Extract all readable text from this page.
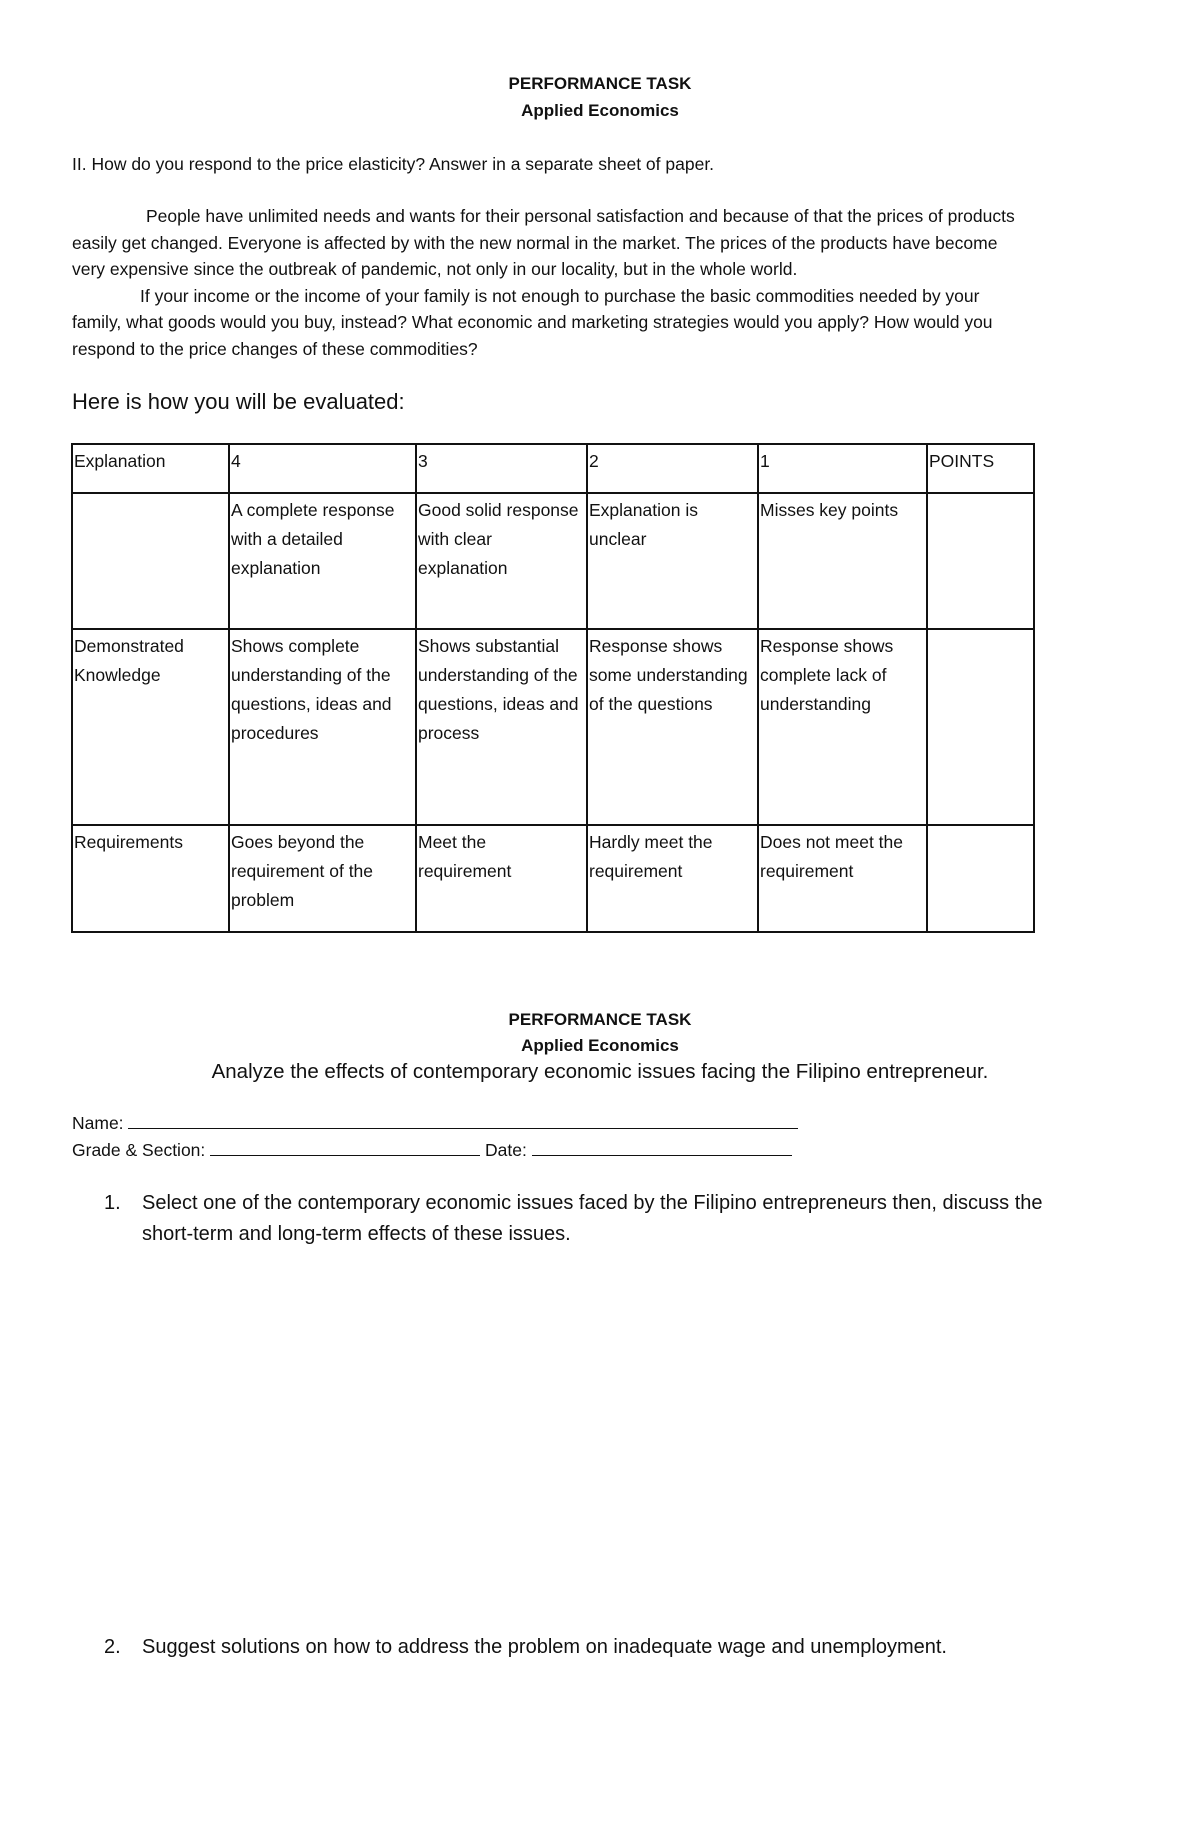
PERFORMANCE TASK
Applied Economics
II. How do you respond to the price elasticity? Answer in a separate sheet of paper.
People have unlimited needs and wants for their personal satisfaction and because of that the prices of products
easily get changed. Everyone is affected by with the new normal in the market. The prices of the products have become
very expensive since the outbreak of pandemic, not only in our locality, but in the whole world.
If your income or the income of your family is not enough to purchase the basic commodities needed by your
family, what goods would you buy, instead? What economic and marketing strategies would you apply? How would you
respond to the price changes of these commodities?
Here is how you will be evaluated:
Explanation	4	3	2	1	POINTS
	A complete response with a detailed explanation	Good solid response with clear explanation	Explanation is unclear	Misses key points	
Demonstrated Knowledge	Shows complete understanding of the questions, ideas and procedures	Shows substantial understanding of the questions, ideas and process	Response shows some understanding of the questions	Response shows complete lack of understanding	
Requirements	Goes beyond the requirement of the problem	Meet the requirement	Hardly meet the requirement	Does not meet the requirement	
PERFORMANCE TASK
Applied Economics
Analyze the effects of contemporary economic issues facing the Filipino entrepreneur.
Name:
Grade & Section:	Date:
1. Select one of the contemporary economic issues faced by the Filipino entrepreneurs then, discuss the short-term and long-term effects of these issues.
2. Suggest solutions on how to address the problem on inadequate wage and unemployment.
